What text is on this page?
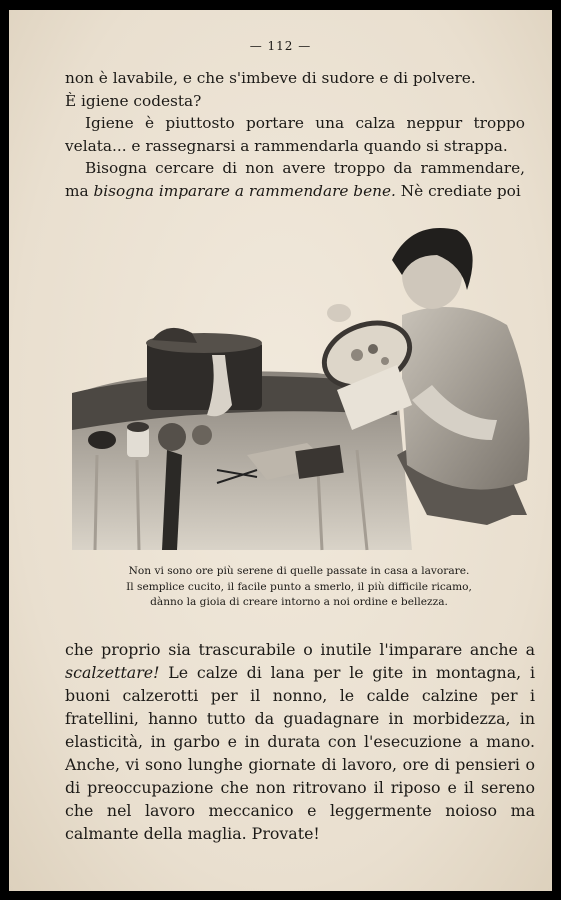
— 112 —

non è lavabile, e che s'imbeve di sudore e di polvere.

È igiene codesta?

Igiene è piuttosto portare una calza neppur troppo velata... e rassegnarsi a rammendarla quando si strappa.

Bisogna cercare di non avere troppo da rammendare, ma bisogna imparare a rammendare bene. Nè crediate poi

Non vi sono ore più serene di quelle passate in casa a lavorare.
Il semplice cucito, il facile punto a smerlo, il più difficile ricamo,
dànno la gioia di creare intorno a noi ordine e bellezza.

che proprio sia trascurabile o inutile l'imparare anche a scalzettare! Le calze di lana per le gite in montagna, i buoni calzerotti per il nonno, le calde calzine per i fratellini, hanno tutto da guadagnare in morbidezza, in elasticità, in garbo e in durata con l'esecuzione a mano. Anche, vi sono lunghe giornate di lavoro, ore di pensieri o di preoccupazione che non ritrovano il riposo e il sereno che nel lavoro meccanico e leggermente noioso ma calmante della maglia. Provate!
